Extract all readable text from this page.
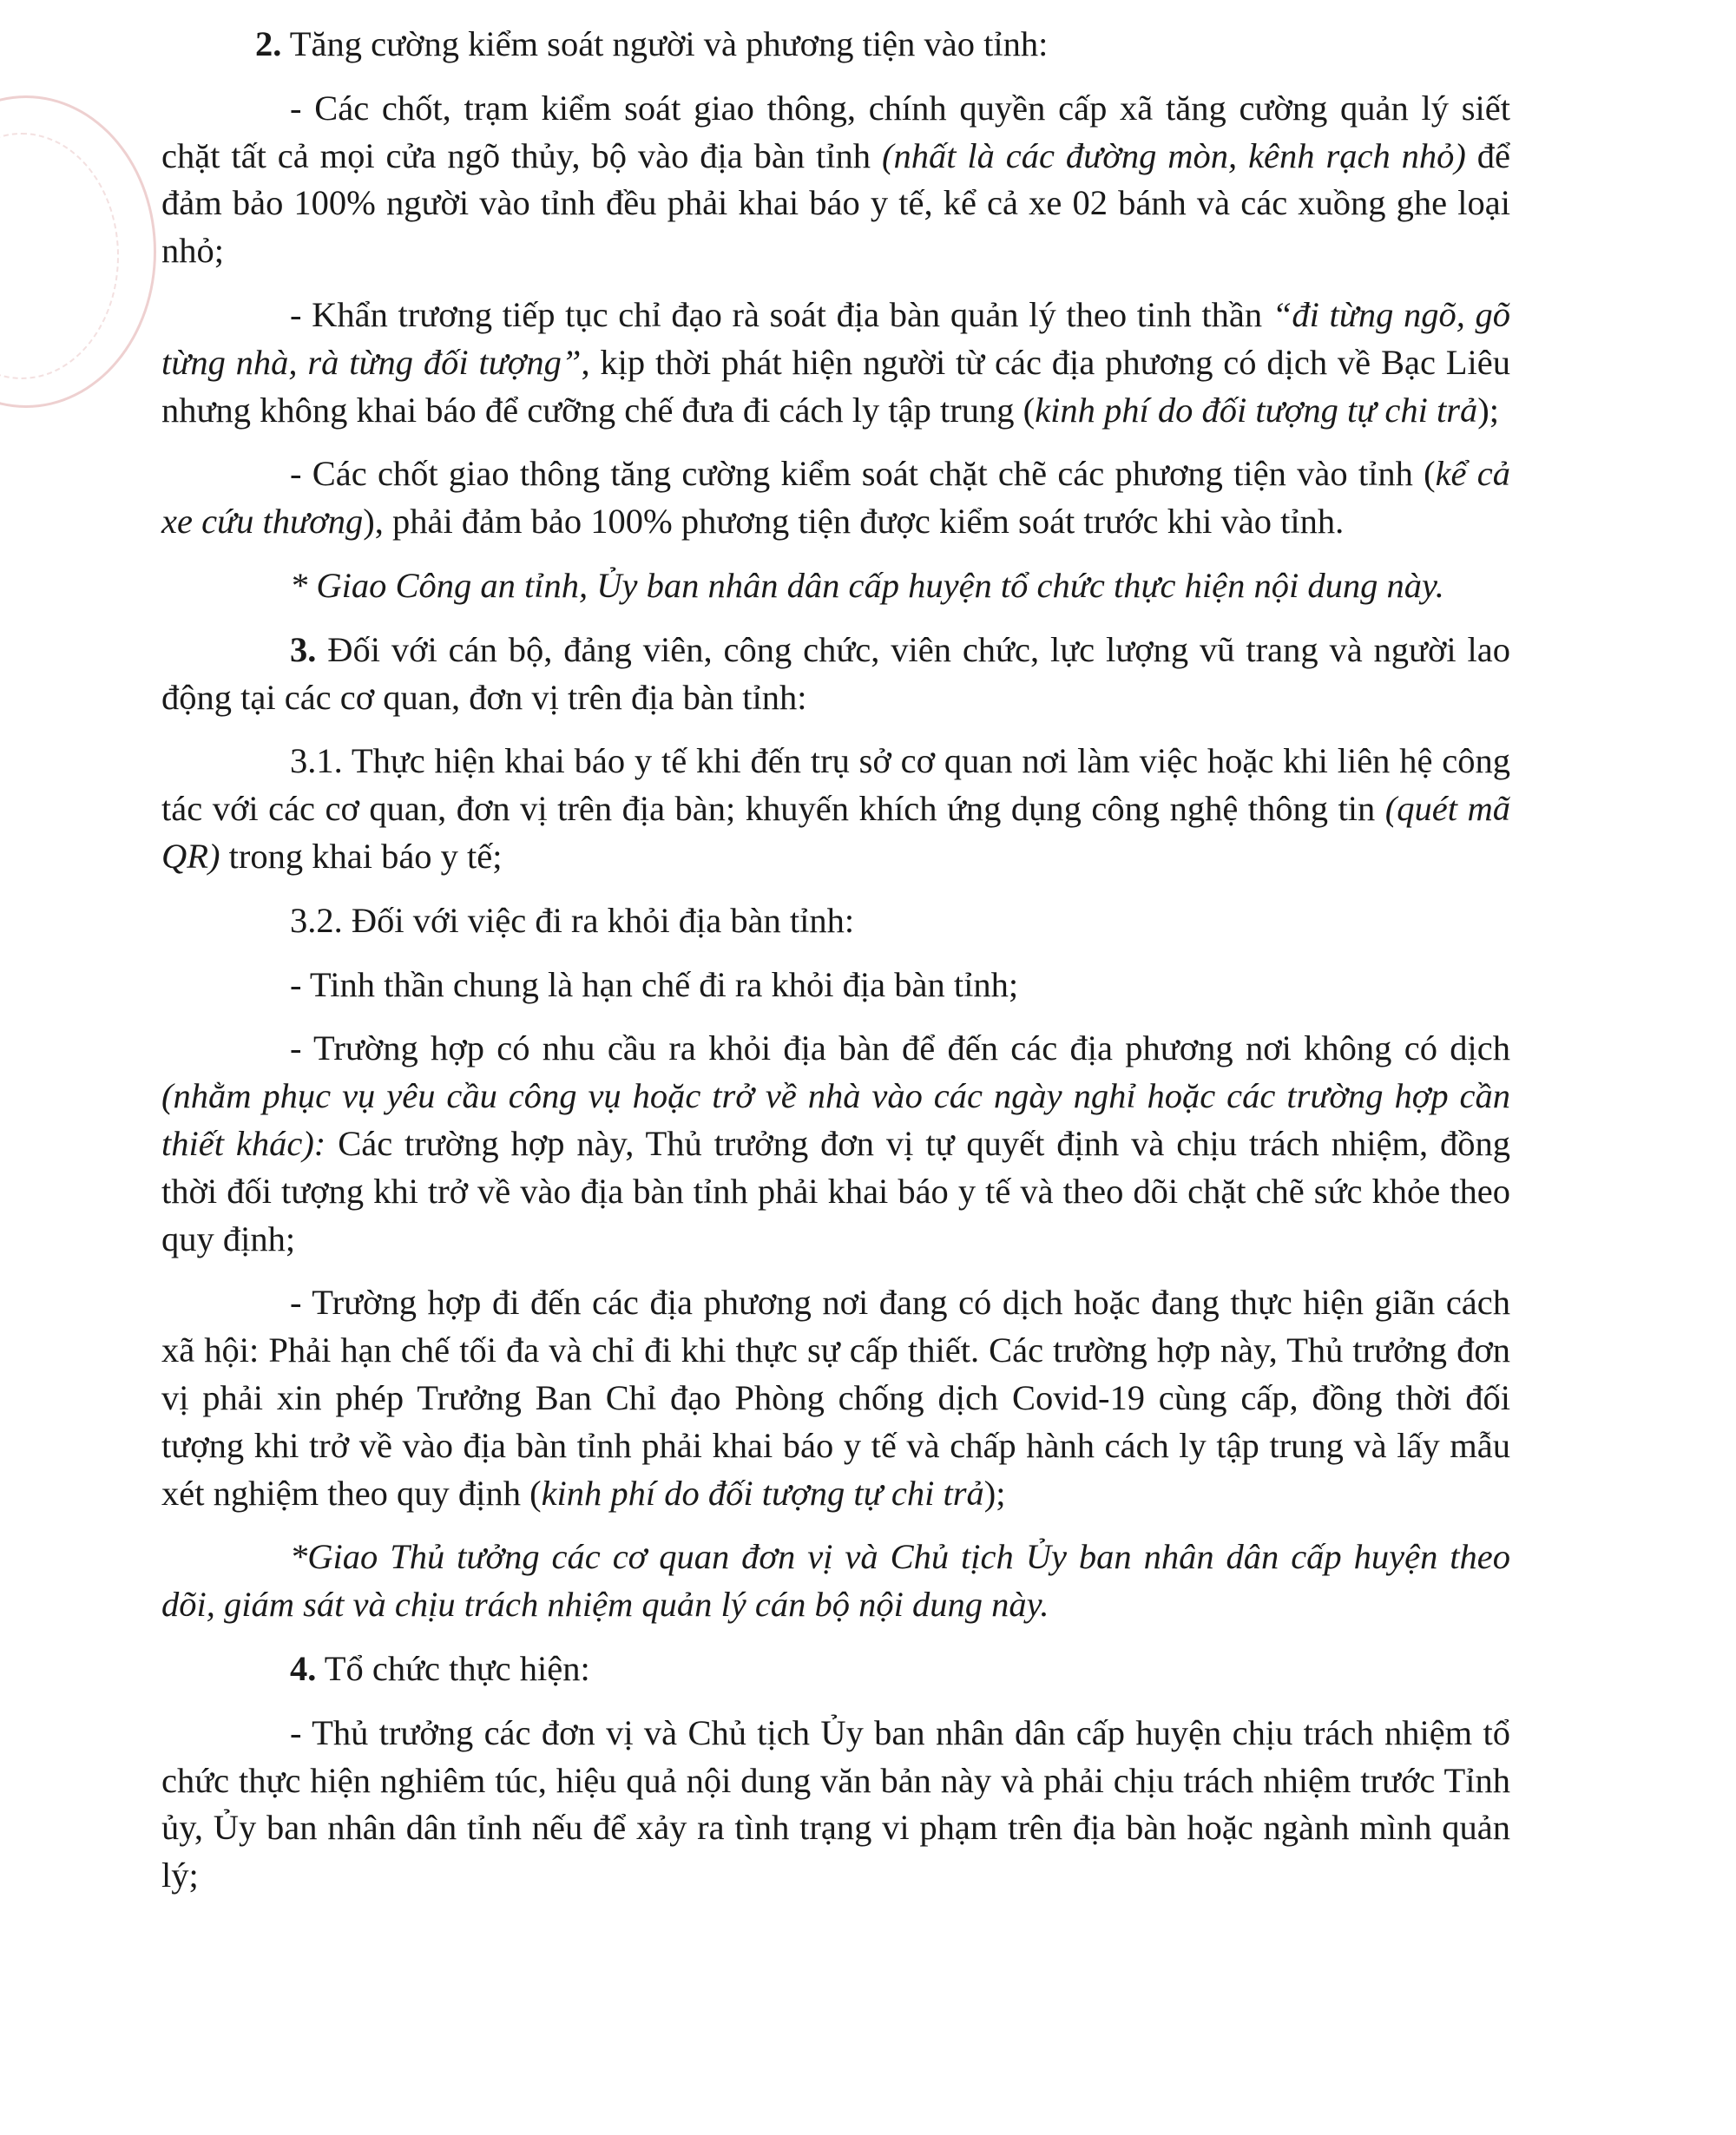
2. Tăng cường kiểm soát người và phương tiện vào tỉnh:

- Các chốt, trạm kiểm soát giao thông, chính quyền cấp xã tăng cường quản lý siết chặt tất cả mọi cửa ngõ thủy, bộ vào địa bàn tỉnh (nhất là các đường mòn, kênh rạch nhỏ) để đảm bảo 100% người vào tỉnh đều phải khai báo y tế, kể cả xe 02 bánh và các xuồng ghe loại nhỏ;

- Khẩn trương tiếp tục chỉ đạo rà soát địa bàn quản lý theo tinh thần “đi từng ngõ, gõ từng nhà, rà từng đối tượng”, kịp thời phát hiện người từ các địa phương có dịch về Bạc Liêu nhưng không khai báo để cưỡng chế đưa đi cách ly tập trung (kinh phí do đối tượng tự chi trả);

- Các chốt giao thông tăng cường kiểm soát chặt chẽ các phương tiện vào tỉnh (kể cả xe cứu thương), phải đảm bảo 100% phương tiện được kiểm soát trước khi vào tỉnh.

* Giao Công an tỉnh, Ủy ban nhân dân cấp huyện tổ chức thực hiện nội dung này.

3. Đối với cán bộ, đảng viên, công chức, viên chức, lực lượng vũ trang và người lao động tại các cơ quan, đơn vị trên địa bàn tỉnh:

3.1. Thực hiện khai báo y tế khi đến trụ sở cơ quan nơi làm việc hoặc khi liên hệ công tác với các cơ quan, đơn vị trên địa bàn; khuyến khích ứng dụng công nghệ thông tin (quét mã QR) trong khai báo y tế;

3.2. Đối với việc đi ra khỏi địa bàn tỉnh:

- Tinh thần chung là hạn chế đi ra khỏi địa bàn tỉnh;

- Trường hợp có nhu cầu ra khỏi địa bàn để đến các địa phương nơi không có dịch (nhằm phục vụ yêu cầu công vụ hoặc trở về nhà vào các ngày nghỉ hoặc các trường hợp cần thiết khác): Các trường hợp này, Thủ trưởng đơn vị tự quyết định và chịu trách nhiệm, đồng thời đối tượng khi trở về vào địa bàn tỉnh phải khai báo y tế và theo dõi chặt chẽ sức khỏe theo quy định;

- Trường hợp đi đến các địa phương nơi đang có dịch hoặc đang thực hiện giãn cách xã hội: Phải hạn chế tối đa và chỉ đi khi thực sự cấp thiết. Các trường hợp này, Thủ trưởng đơn vị phải xin phép Trưởng Ban Chỉ đạo Phòng chống dịch Covid-19 cùng cấp, đồng thời đối tượng khi trở về vào địa bàn tỉnh phải khai báo y tế và chấp hành cách ly tập trung và lấy mẫu xét nghiệm theo quy định (kinh phí do đối tượng tự chi trả);

*Giao Thủ tưởng các cơ quan đơn vị và Chủ tịch Ủy ban nhân dân cấp huyện theo dõi, giám sát và chịu trách nhiệm quản lý cán bộ nội dung này.

4. Tổ chức thực hiện:

- Thủ trưởng các đơn vị và Chủ tịch Ủy ban nhân dân cấp huyện chịu trách nhiệm tổ chức thực hiện nghiêm túc, hiệu quả nội dung văn bản này và phải chịu trách nhiệm trước Tỉnh ủy, Ủy ban nhân dân tỉnh nếu để xảy ra tình trạng vi phạm trên địa bàn hoặc ngành mình quản lý;
